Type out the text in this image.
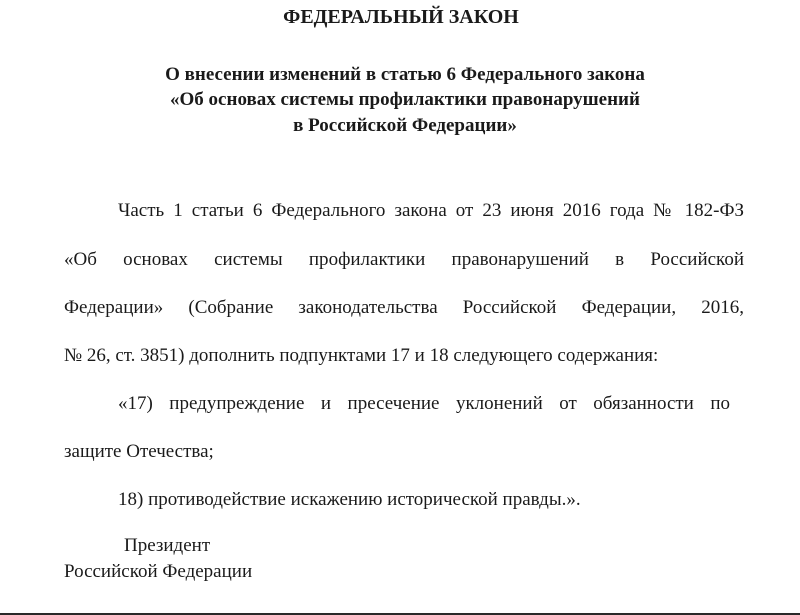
ФЕДЕРАЛЬНЫЙ ЗАКОН
О внесении изменений в статью 6 Федерального закона
«Об основах системы профилактики правонарушений
в Российской Федерации»
Часть 1 статьи 6 Федерального закона от 23 июня 2016 года № 182-ФЗ
«Об основах системы профилактики правонарушений в Российской
Федерации» (Собрание законодательства Российской Федерации, 2016,
№ 26, ст. 3851) дополнить подпунктами 17 и 18 следующего содержания:
«17) предупреждение и пресечение уклонений от обязанности по
защите Отечества;
18) противодействие искажению исторической правды.».
Президент
Российской Федерации
